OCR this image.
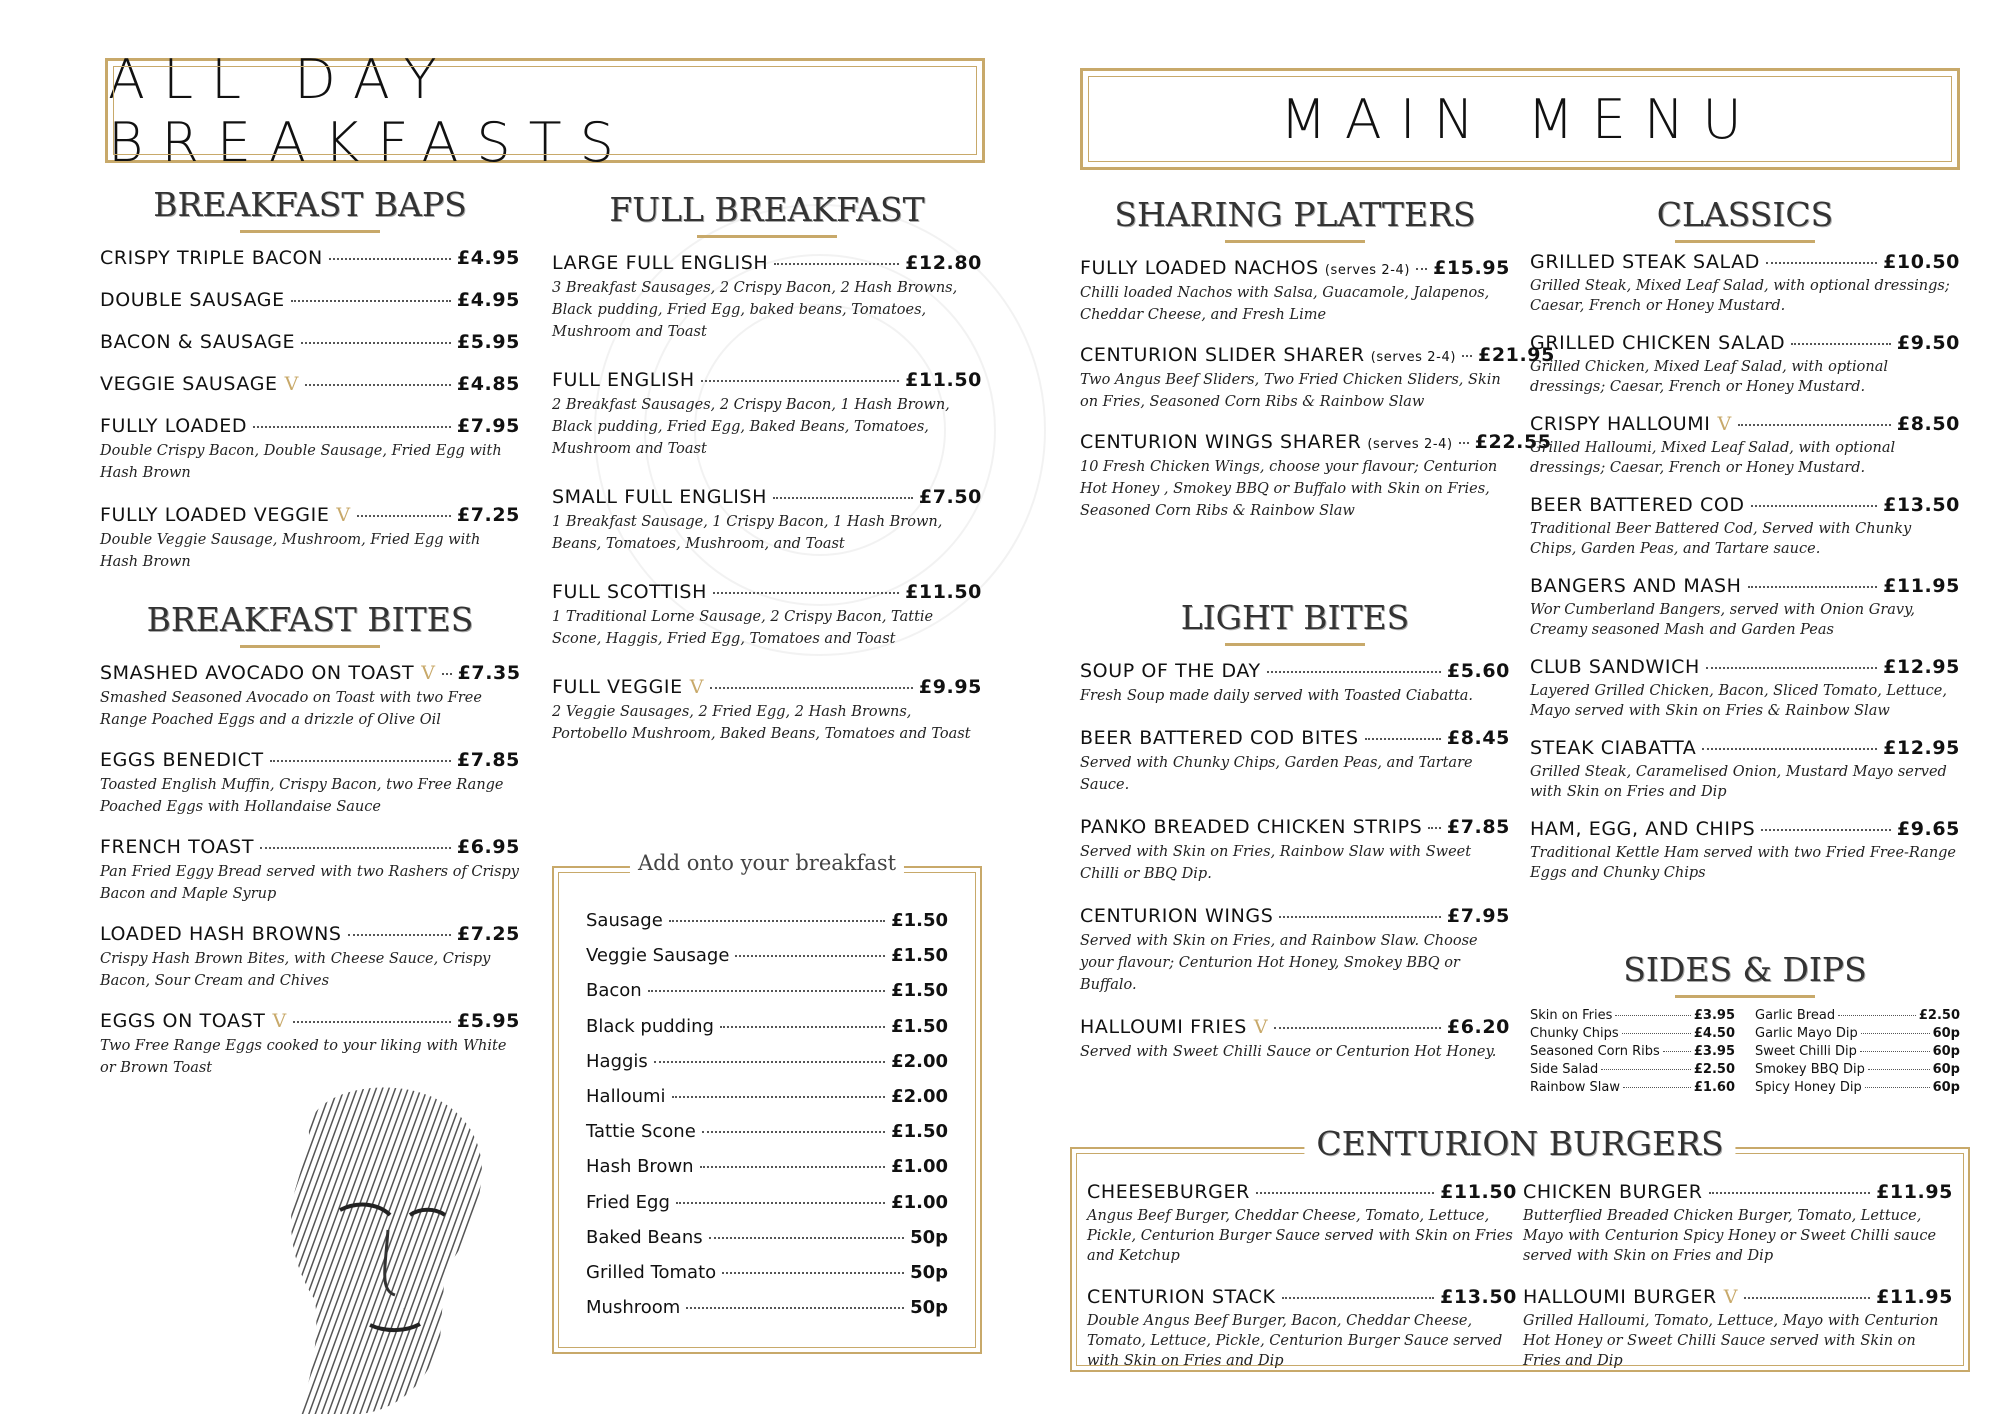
ALL DAY BREAKFASTS
BREAKFAST BAPS
CRISPY TRIPLE BACON	£4.95
DOUBLE SAUSAGE	£4.95
BACON & SAUSAGE	£5.95
VEGGIE SAUSAGE V	£4.85
FULLY LOADED	£7.95
Double Crispy Bacon, Double Sausage, Fried Egg with Hash Brown
FULLY LOADED VEGGIE V	£7.25
Double Veggie Sausage, Mushroom, Fried Egg with Hash Brown
BREAKFAST BITES
SMASHED AVOCADO ON TOAST V £7.35
Smashed Seasoned Avocado on Toast with two Free Range Poached Eggs and a drizzle of Olive Oil
EGGS BENEDICT	£7.85
Toasted English Muffin, Crispy Bacon, two Free Range Poached Eggs with Hollandaise Sauce
FRENCH TOAST	£6.95
Pan Fried Eggy Bread served with two Rashers of Crispy Bacon and Maple Syrup
LOADED HASH BROWNS	£7.25
Crispy Hash Brown Bites, with Cheese Sauce, Crispy Bacon, Sour Cream and Chives
EGGS ON TOAST V	£5.95
Two Free Range Eggs cooked to your liking with White or Brown Toast
FULL BREAKFAST
LARGE FULL ENGLISH	£12.80
3 Breakfast Sausages, 2 Crispy Bacon, 2 Hash Browns, Black pudding, Fried Egg, baked beans, Tomatoes, Mushroom and Toast
FULL ENGLISH	£11.50
2 Breakfast Sausages, 2 Crispy Bacon, 1 Hash Brown, Black pudding, Fried Egg, Baked Beans, Tomatoes, Mushroom and Toast
SMALL FULL ENGLISH	£7.50
1 Breakfast Sausage, 1 Crispy Bacon, 1 Hash Brown, Beans, Tomatoes, Mushroom, and Toast
FULL SCOTTISH	£11.50
1 Traditional Lorne Sausage, 2 Crispy Bacon, Tattie Scone, Haggis, Fried Egg, Tomatoes and Toast
FULL VEGGIE V	£9.95
2 Veggie Sausages, 2 Fried Egg, 2 Hash Browns, Portobello Mushroom, Baked Beans, Tomatoes and Toast
Add onto your breakfast
Sausage	£1.50
Veggie Sausage	£1.50
Bacon	£1.50
Black pudding	£1.50
Haggis	£2.00
Halloumi	£2.00
Tattie Scone	£1.50
Hash Brown	£1.00
Fried Egg	£1.00
Baked Beans	50p
Grilled Tomato	50p
Mushroom	50p
MAIN MENU
SHARING PLATTERS
FULLY LOADED NACHOS (serves 2-4) £15.95
Chilli loaded Nachos with Salsa, Guacamole, Jalapenos, Cheddar Cheese, and Fresh Lime
CENTURION SLIDER SHARER (serves 2-4) £21.95
Two Angus Beef Sliders, Two Fried Chicken Sliders, Skin on Fries, Seasoned Corn Ribs & Rainbow Slaw
CENTURION WINGS SHARER (serves 2-4) £22.55
10 Fresh Chicken Wings, choose your flavour; Centurion Hot Honey , Smokey BBQ or Buffalo with Skin on Fries, Seasoned Corn Ribs & Rainbow Slaw
LIGHT BITES
SOUP OF THE DAY	£5.60
Fresh Soup made daily served with Toasted Ciabatta.
BEER BATTERED COD BITES	£8.45
Served with Chunky Chips, Garden Peas, and Tartare Sauce.
PANKO BREADED CHICKEN STRIPS £7.85
Served with Skin on Fries, Rainbow Slaw with Sweet Chilli or BBQ Dip.
CENTURION WINGS	£7.95
Served with Skin on Fries, and Rainbow Slaw. Choose your flavour; Centurion Hot Honey, Smokey BBQ or Buffalo.
HALLOUMI FRIES V	£6.20
Served with Sweet Chilli Sauce or Centurion Hot Honey.
CLASSICS
GRILLED STEAK SALAD	£10.50
Grilled Steak, Mixed Leaf Salad, with optional dressings; Caesar, French or Honey Mustard.
GRILLED CHICKEN SALAD	£9.50
Grilled Chicken, Mixed Leaf Salad, with optional dressings; Caesar, French or Honey Mustard.
CRISPY HALLOUMI V	£8.50
Grilled Halloumi, Mixed Leaf Salad, with optional dressings; Caesar, French or Honey Mustard.
BEER BATTERED COD	£13.50
Traditional Beer Battered Cod, Served with Chunky Chips, Garden Peas, and Tartare sauce.
BANGERS AND MASH	£11.95
Wor Cumberland Bangers, served with Onion Gravy, Creamy seasoned Mash and Garden Peas
CLUB SANDWICH	£12.95
Layered Grilled Chicken, Bacon, Sliced Tomato, Lettuce, Mayo served with Skin on Fries & Rainbow Slaw
STEAK CIABATTA	£12.95
Grilled Steak, Caramelised Onion, Mustard Mayo served with Skin on Fries and Dip
HAM, EGG, AND CHIPS	£9.65
Traditional Kettle Ham served with two Fried Free-Range Eggs and Chunky Chips
SIDES & DIPS
Skin on Fries	£3.95
Chunky Chips	£4.50
Seasoned Corn Ribs	£3.95
Side Salad	£2.50
Rainbow Slaw	£1.60
Garlic Bread	£2.50
Garlic Mayo Dip	60p
Sweet Chilli Dip	60p
Smokey BBQ Dip	60p
Spicy Honey Dip	60p
CENTURION BURGERS
CHEESEBURGER	£11.50
Angus Beef Burger, Cheddar Cheese, Tomato, Lettuce, Pickle, Centurion Burger Sauce served with Skin on Fries and Ketchup
CENTURION STACK	£13.50
Double Angus Beef Burger, Bacon, Cheddar Cheese, Tomato, Lettuce, Pickle, Centurion Burger Sauce served with Skin on Fries and Dip
CHICKEN BURGER	£11.95
Butterflied Breaded Chicken Burger, Tomato, Lettuce, Mayo with Centurion Spicy Honey or Sweet Chilli sauce served with Skin on Fries and Dip
HALLOUMI BURGER V	£11.95
Grilled Halloumi, Tomato, Lettuce, Mayo with Centurion Hot Honey or Sweet Chilli Sauce served with Skin on Fries and Dip
